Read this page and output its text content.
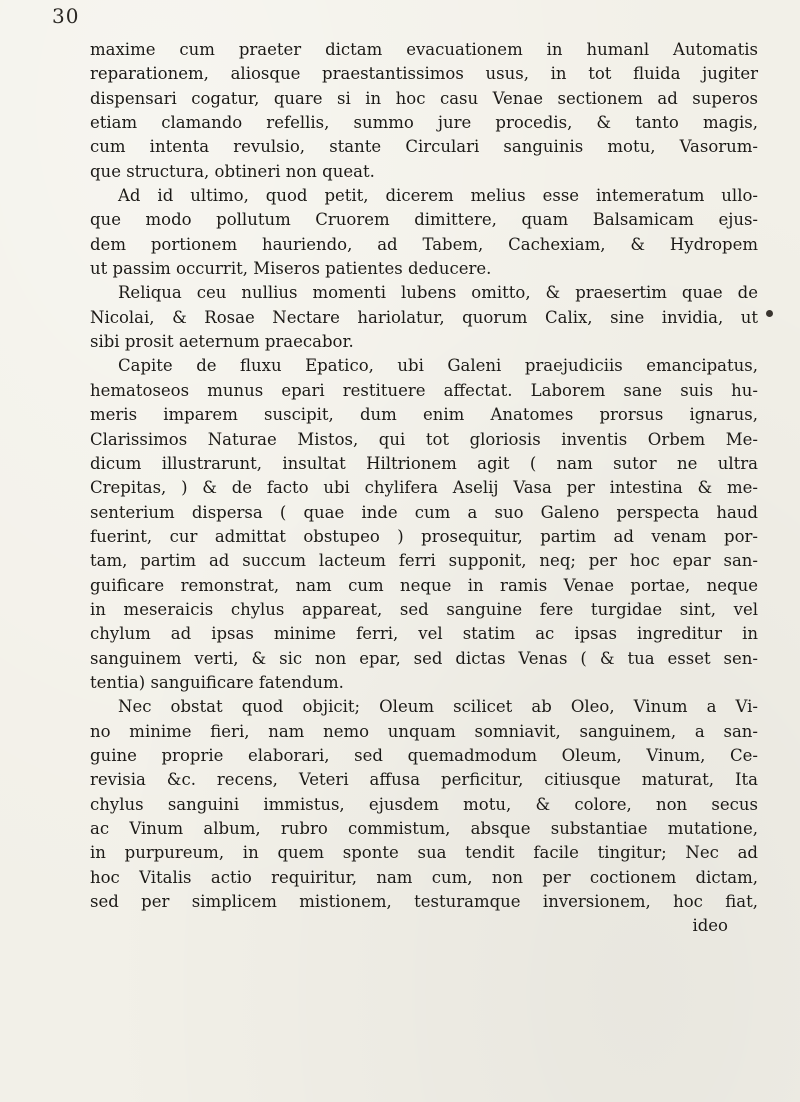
30
maxime cum praeter dictam evacuationem in humanl Automatis
reparationem, aliosque praestantissimos usus, in tot fluida jugiter
dispensari cogatur, quare si in hoc casu Venae sectionem ad superos
etiam clamando refellis, summo jure procedis, & tanto magis,
cum intenta revulsio, stante Circulari sanguinis motu, Vasorum-
que structura, obtineri non queat.
Ad id ultimo, quod petit, dicerem melius esse intemeratum ullo-
que modo pollutum Cruorem dimittere, quam Balsamicam ejus-
dem portionem hauriendo, ad Tabem, Cachexiam, & Hydropem
ut passim occurrit, Miseros patientes deducere.
Reliqua ceu nullius momenti lubens omitto, & praesertim quae de
Nicolai, & Rosae Nectare hariolatur, quorum Calix, sine invidia, ut
sibi prosit aeternum praecabor.
Capite de fluxu Epatico, ubi Galeni praejudiciis emancipatus,
hematoseos munus epari restituere affectat. Laborem sane suis hu-
meris imparem suscipit, dum enim Anatomes prorsus ignarus,
Clarissimos Naturae Mistos, qui tot gloriosis inventis Orbem Me-
dicum illustrarunt, insultat Hiltrionem agit ( nam sutor ne ultra
Crepitas, ) & de facto ubi chylifera Aselij Vasa per intestina & me-
senterium dispersa ( quae inde cum a suo Galeno perspecta haud
fuerint, cur admittat obstupeo ) prosequitur, partim ad venam por-
tam, partim ad succum lacteum ferri supponit, neq; per hoc epar san-
guificare remonstrat, nam cum neque in ramis Venae portae, neque
in meseraicis chylus appareat, sed sanguine fere turgidae sint, vel
chylum ad ipsas minime ferri, vel statim ac ipsas ingreditur in
sanguinem verti, & sic non epar, sed dictas Venas ( & tua esset sen-
tentia) sanguificare fatendum.
Nec obstat quod objicit; Oleum scilicet ab Oleo, Vinum a Vi-
no minime fieri, nam nemo unquam somniavit, sanguinem, a san-
guine proprie elaborari, sed quemadmodum Oleum, Vinum, Ce-
revisia &c. recens, Veteri affusa perficitur, citiusque maturat, Ita
chylus sanguini immistus, ejusdem motu, & colore, non secus
ac Vinum album, rubro commistum, absque substantiae mutatione,
in purpureum, in quem sponte sua tendit facile tingitur; Nec ad
hoc Vitalis actio requiritur, nam cum, non per coctionem dictam,
sed per simplicem mistionem, testuramque inversionem, hoc fiat,
ideo
